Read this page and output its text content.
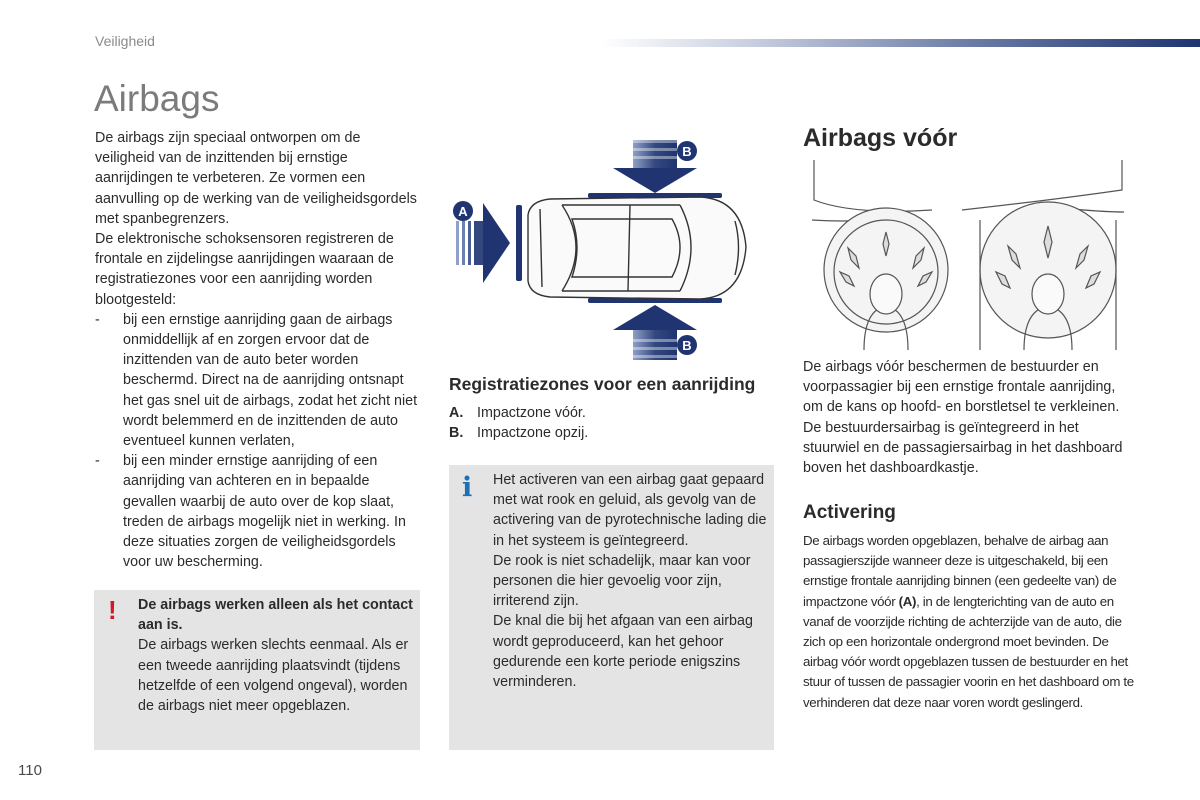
Veiligheid
Airbags

De airbags zijn speciaal ontworpen om de veiligheid van de inzittenden bij ernstige aanrijdingen te verbeteren. Ze vormen een aanvulling op de werking van de veiligheidsgordels met spanbegrenzers.

De elektronische schoksensoren registreren de frontale en zijdelingse aanrijdingen waaraan de registratiezones voor een aanrijding worden blootgesteld:

- bij een ernstige aanrijding gaan de airbags onmiddellijk af en zorgen ervoor dat de inzittenden van de auto beter worden beschermd. Direct na de aanrijding ontsnapt het gas snel uit de airbags, zodat het zicht niet wordt belemmerd en de inzittenden de auto eventueel kunnen verlaten,
- bij een minder ernstige aanrijding of een aanrijding van achteren en in bepaalde gevallen waarbij de auto over de kop slaat, treden de airbags mogelijk niet in werking. In deze situaties zorgen de veiligheidsgordels voor uw bescherming.
! De airbags werken alleen als het contact aan is.
De airbags werken slechts eenmaal. Als er een tweede aanrijding plaatsvindt (tijdens hetzelfde of een volgend ongeval), worden de airbags niet meer opgeblazen.
B
B
A
Registratiezones voor een aanrijding
A. Impactzone vóór.
B. Impactzone opzij.
i Het activeren van een airbag gaat gepaard met wat rook en geluid, als gevolg van de activering van de pyrotechnische lading die in het systeem is geïntegreerd.

De rook is niet schadelijk, maar kan voor personen die hier gevoelig voor zijn, irriterend zijn.

De knal die bij het afgaan van een airbag wordt geproduceerd, kan het gehoor gedurende een korte periode enigszins verminderen.

Airbags vóór

De airbags vóór beschermen de bestuurder en voorpassagier bij een ernstige frontale aanrijding, om de kans op hoofd- en borstletsel te verkleinen.

De bestuurdersairbag is geïntegreerd in het stuurwiel en de passagiersairbag in het dashboard boven het dashboardkastje.

Activering
De airbags worden opgeblazen, behalve de airbag aan passagierszijde wanneer deze is uitgeschakeld, bij een ernstige frontale aanrijding binnen (een gedeelte van) de impactzone vóór (A), in de lengterichting van de auto en vanaf de voorzijde richting de achterzijde van de auto, die zich op een horizontale ondergrond moet bevinden. De airbag vóór wordt opgeblazen tussen de bestuurder en het stuur of tussen de passagier voorin en het dashboard om te verhinderen dat deze naar voren wordt geslingerd.
110
